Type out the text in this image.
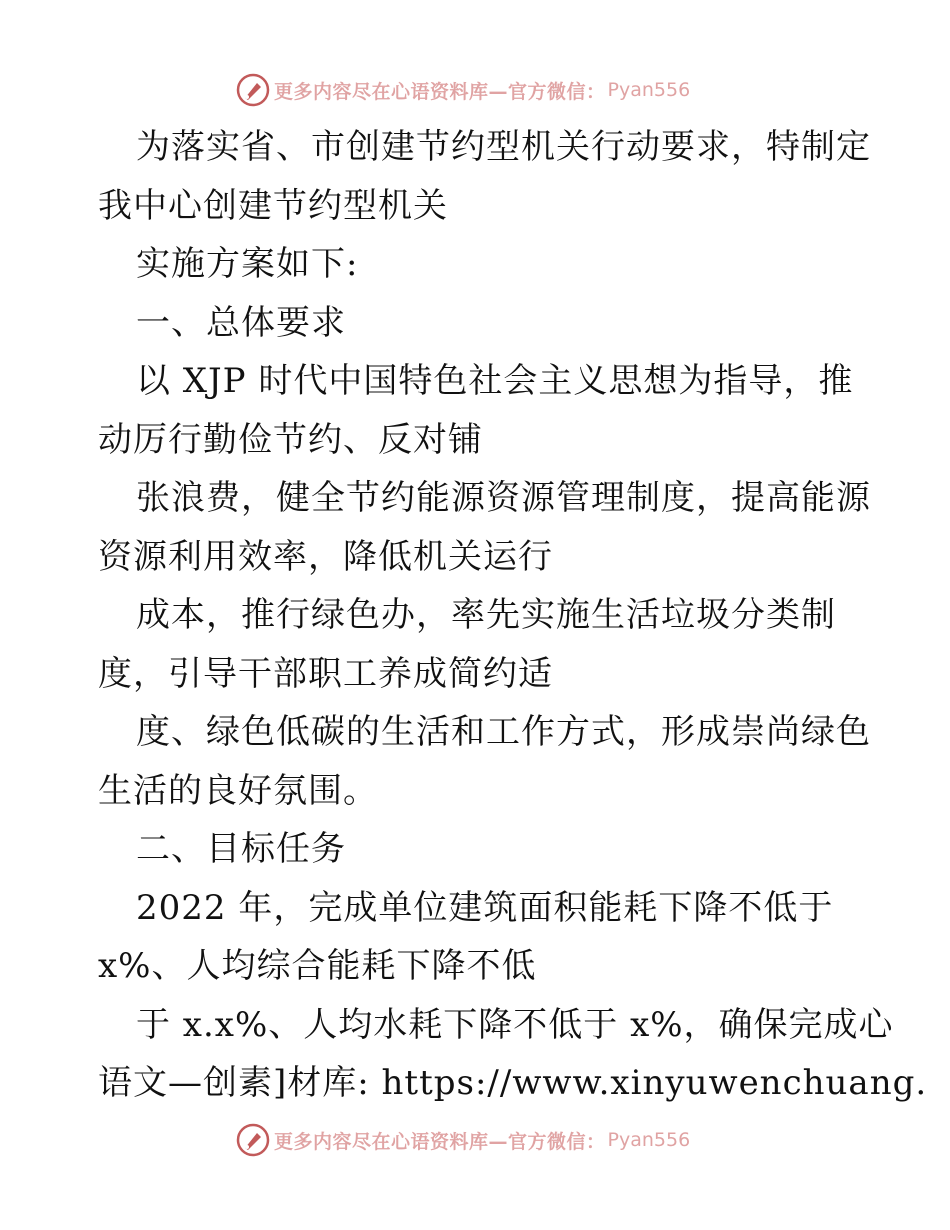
更多内容尽在心语资料库—官方微信： Pyan556
为落实省、市创建节约型机关行动要求，特制定
我中心创建节约型机关
实施方案如下:
一、总体要求
以 XJP 时代中国特色社会主义思想为指导，推
动厉行勤俭节约、反对铺
张浪费，健全节约能源资源管理制度，提高能源
资源利用效率，降低机关运行
成本，推行绿色办，率先实施生活垃圾分类制
度，引导干部职工养成简约适
度、绿色低碳的生活和工作方式，形成崇尚绿色
生活的良好氛围。
二、目标任务
2022 年，完成单位建筑面积能耗下降不低于
x%、人均综合能耗下降不低
于 x.x%、人均水耗下降不低于 x%，确保完成心
语文—创素]材库: https://www.xinyuwenchuang.
更多内容尽在心语资料库—官方微信： Pyan556
